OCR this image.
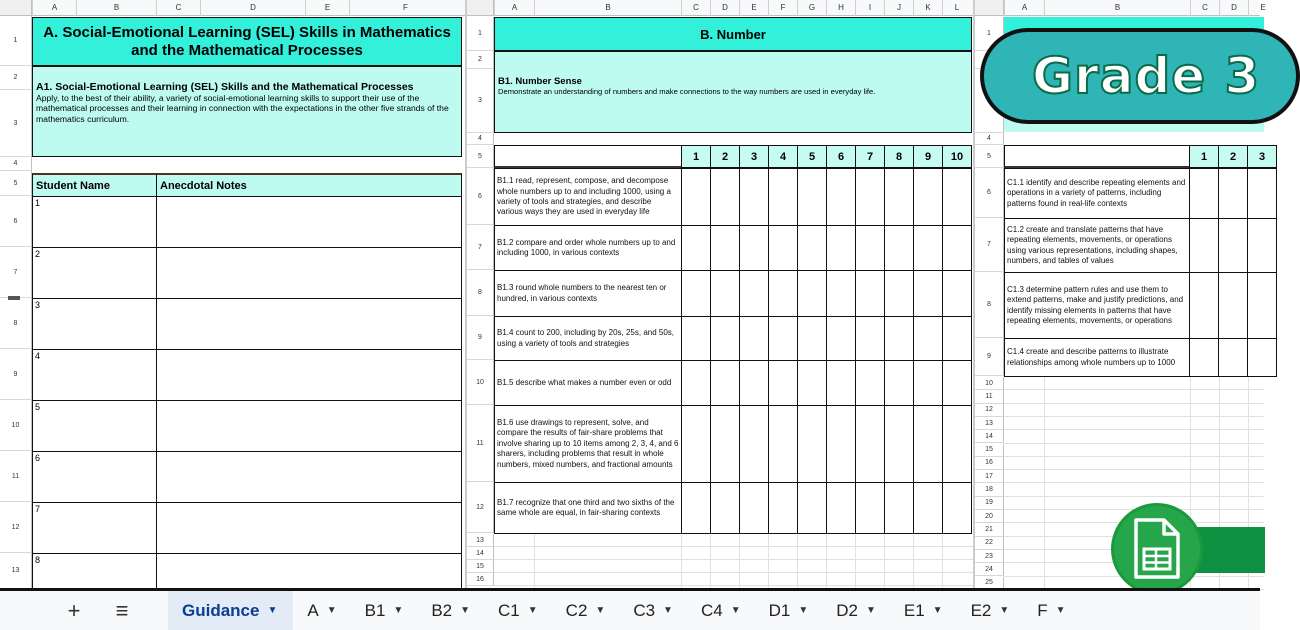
A	B	C	D	E	F
1
2
3
4
5
6
7
8
9
10
11
12
13
A. Social-Emotional Learning (SEL) Skills in Mathematics and the Mathematical Processes
A1. Social-Emotional Learning (SEL) Skills and the Mathematical Processes
Apply, to the best of their ability, a variety of social-emotional learning skills to support their use of the mathematical processes and their learning in connection with the expectations in the other five strands of the mathematics curriculum.
Student Name	Anecdotal Notes
1
2
3
4
5
6
7
8
A	B	C	D	E	F	G	H	I	J	K	L
1
2
3
4
5
B. Number
B1. Number Sense
Demonstrate an understanding of numbers and make connections to the way numbers are used in everyday life.
1	2	3	4	5	6	7	8	9	10
6
B1.1 read, represent, compose, and decompose whole numbers up to and including 1000, using a variety of tools and strategies, and describe various ways they are used in everyday life
7
B1.2 compare and order whole numbers up to and including 1000, in various contexts
8
B1.3 round whole numbers to the nearest ten or hundred, in various contexts
9
B1.4 count to 200, including by 20s, 25s, and 50s, using a variety of tools and strategies
10	B1.5 describe what makes a number even or odd
11
B1.6 use drawings to represent, solve, and compare the results of fair-share problems that involve sharing up to 10 items among 2, 3, 4, and 6 sharers, including problems that result in whole numbers, mixed numbers, and fractional amounts
12
B1.7 recognize that one third and two sixths of the same whole are equal, in fair-sharing contexts
13
14
15
16
A	B	C	D	E
1
4
5	1	2	3
6
C1.1 identify and describe repeating elements and operations in a variety of patterns, including patterns found in real-life contexts
7
C1.2 create and translate patterns that have repeating elements, movements, or operations using various representations, including shapes, numbers, and tables of values
8
C1.3 determine pattern rules and use them to extend patterns, make and justify predictions, and identify missing elements in patterns that have repeating elements, movements, or operations
9
C1.4 create and describe patterns to illustrate relationships among whole numbers up to 1000
10
11
12
13
14
15
16
17
18
19
20
21
22
23
24
25
Grade 3
+	≡	Guidance ▼ A ▼ B1 ▼ B2 ▼ C1 ▼ C2 ▼ C3 ▼ C4 ▼ D1 ▼ D2 ▼ E1 ▼ E2 ▼ F ▼
